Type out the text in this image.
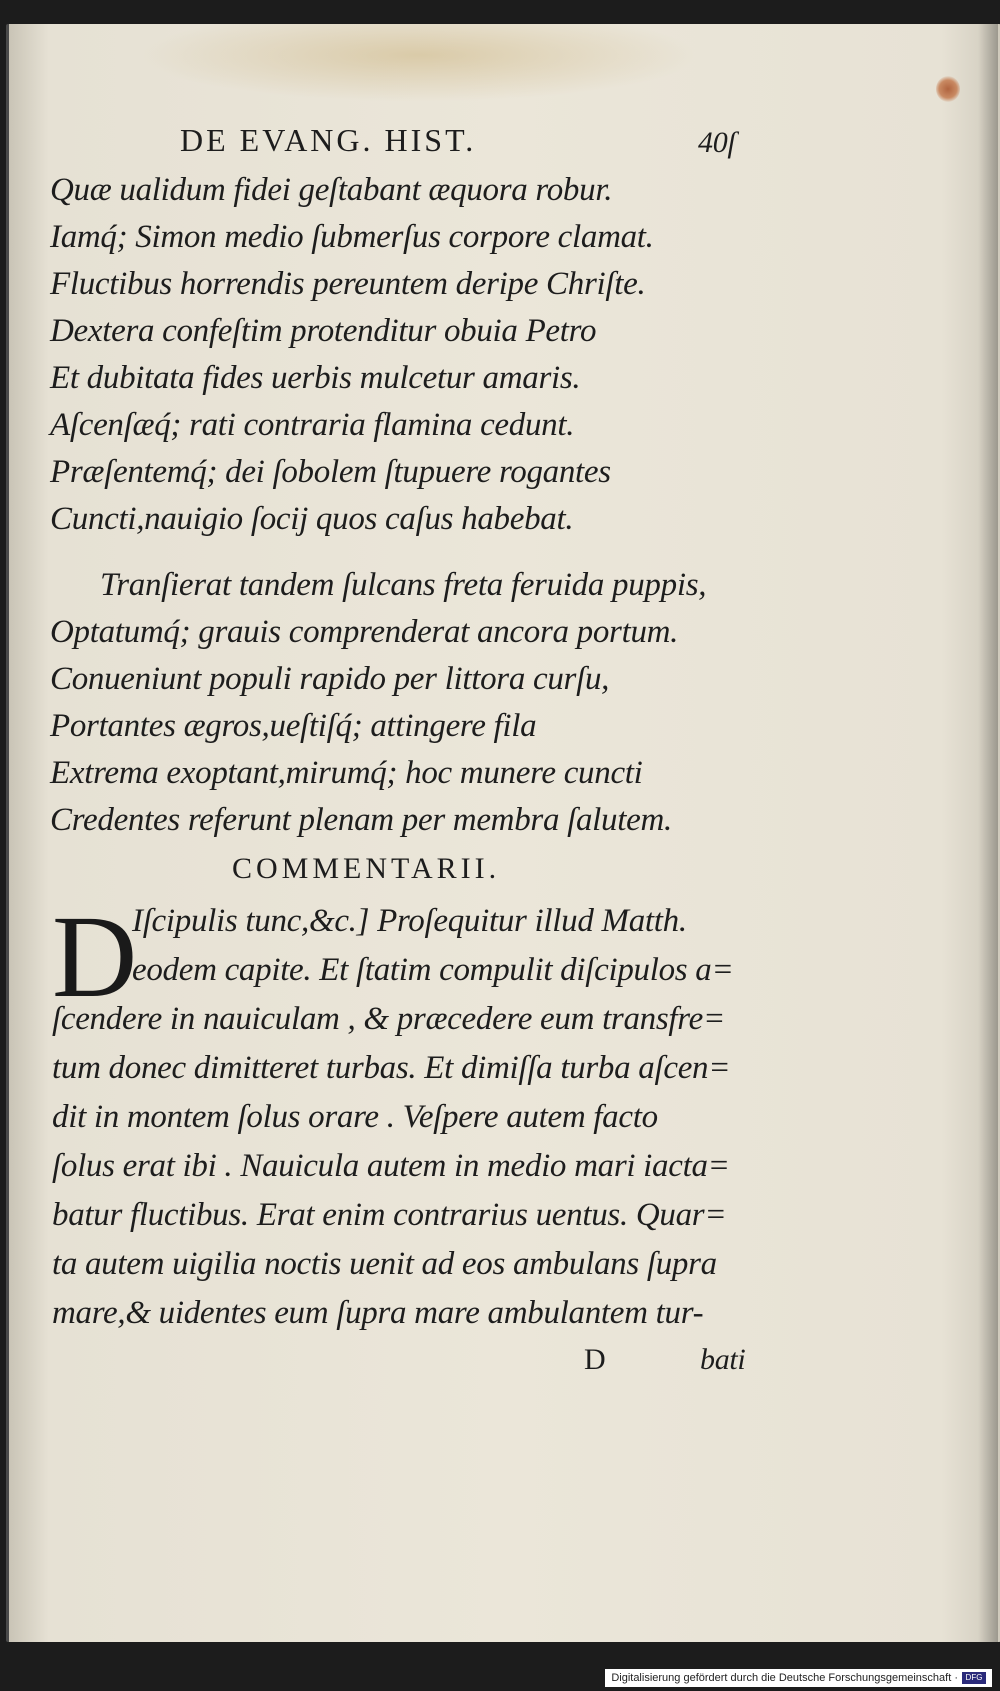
DE EVANG. HIST.	40ſ
Quæ ualidum fidei geſtabant æquora robur.
Iamq́; Simon medio ſubmerſus corpore clamat.
Fluctibus horrendis pereuntem deripe Chriſte.
Dextera confeſtim protenditur obuia Petro
Et dubitata fides uerbis mulcetur amaris.
Aſcenſæq́; rati contraria flamina cedunt.
Præſentemq́; dei ſobolem ſtupuere rogantes
Cuncti,nauigio ſocij quos caſus habebat.
Tranſierat tandem ſulcans freta feruida puppis,
Optatumq́; grauis comprenderat ancora portum.
Conueniunt populi rapido per littora curſu,
Portantes ægros,ueſtiſq́; attingere fila
Extrema exoptant,mirumq́; hoc munere cuncti
Credentes referunt plenam per membra ſalutem.
COMMENTARII.
D
Iſcipulis tunc,&c.] Proſequitur illud Matth.
eodem capite. Et ſtatim compulit diſcipulos a=
ſcendere in nauiculam , & præcedere eum transfre=
tum donec dimitteret turbas. Et dimiſſa turba aſcen=
dit in montem ſolus orare . Veſpere autem facto
ſolus erat ibi . Nauicula autem in medio mari iacta=
batur fluctibus. Erat enim contrarius uentus. Quar=
ta autem uigilia noctis uenit ad eos ambulans ſupra
mare,& uidentes eum ſupra mare ambulantem tur-
D	bati
Digitalisierung gefördert durch die Deutsche Forschungsgemeinschaft · DFG
